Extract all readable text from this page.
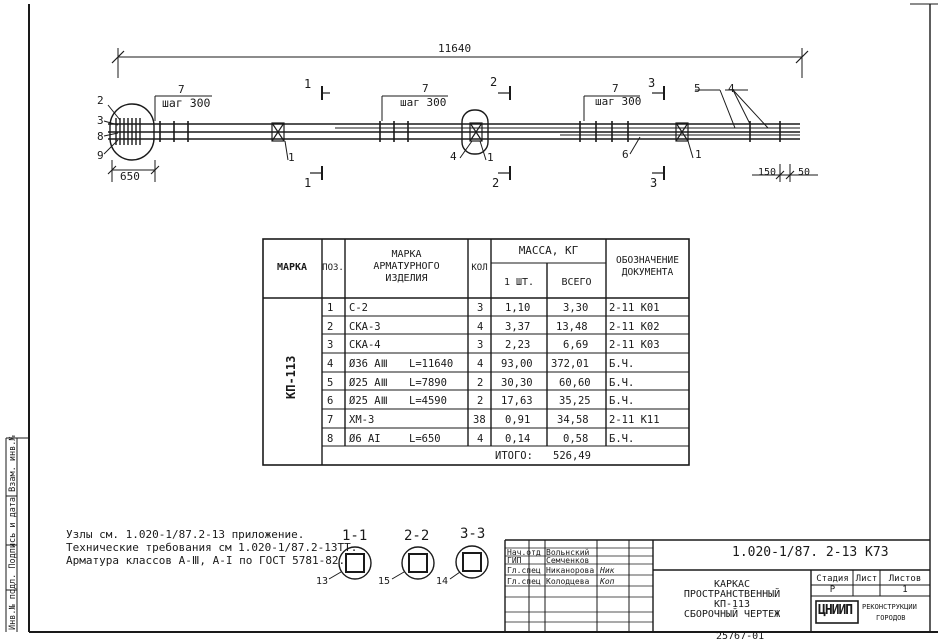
11640
шаг 300	шаг 300	шаг 300
650	150 50
1
1
2
2
3
3
2
3
8
9
7	7	7
1	4	1
5 4
6	1
1-1	2-2 3-3
13	15	14
Инв.№ подл. Подпись и дата Взам. инв.№
МАРКА	ПОЗ.
МАРКА
АРМАТУРНОГО
ИЗДЕЛИЯ
КОЛ
МАССА, КГ
1 ШТ.	ВСЕГО
ОБОЗНАЧЕНИЕ
ДОКУМЕНТА
КП-113
1 С-2	3 1,10	3,30 2-11 К01
2 СКА-3	4 3,37 13,48 2-11 К02
3 СКА-4	3 2,23	6,69 2-11 К03
4 Ø36 АⅢ L=11640 4 93,00 372,01 Б.Ч.
5 Ø25 АⅢ L=7890	2 30,30	60,60 Б.Ч.
6 Ø25 АⅢ L=4590	2 17,63	35,25 Б.Ч.
7 ХМ-3	38 0,91	34,58 2-11 К11
8 Ø6 АI	L=650	4 0,14	0,58 Б.Ч.
ИТОГО: 526,49
Узлы см. 1.020-1/87.2-13 приложение.
Технические требования см 1.020-1/87.2-13ТТ.
Арматура классов А-Ⅲ, А-I по ГОСТ 5781-82.
Нач.отд
ГИП
Гл.спец
Гл.спец
Вольнский
Семченков
Никанорова
Колодцева
Ник
Коп
1.020-1/87. 2-13 К73
КАРКАС
ПРОСТРАНСТВЕННЫЙ
КП-113
СБОРОЧНЫЙ ЧЕРТЕЖ
Стадия Лист	Листов
Р	1
ЦНИИП РЕКОНСТРУКЦИИ
ГОРОДОВ
25767-01
